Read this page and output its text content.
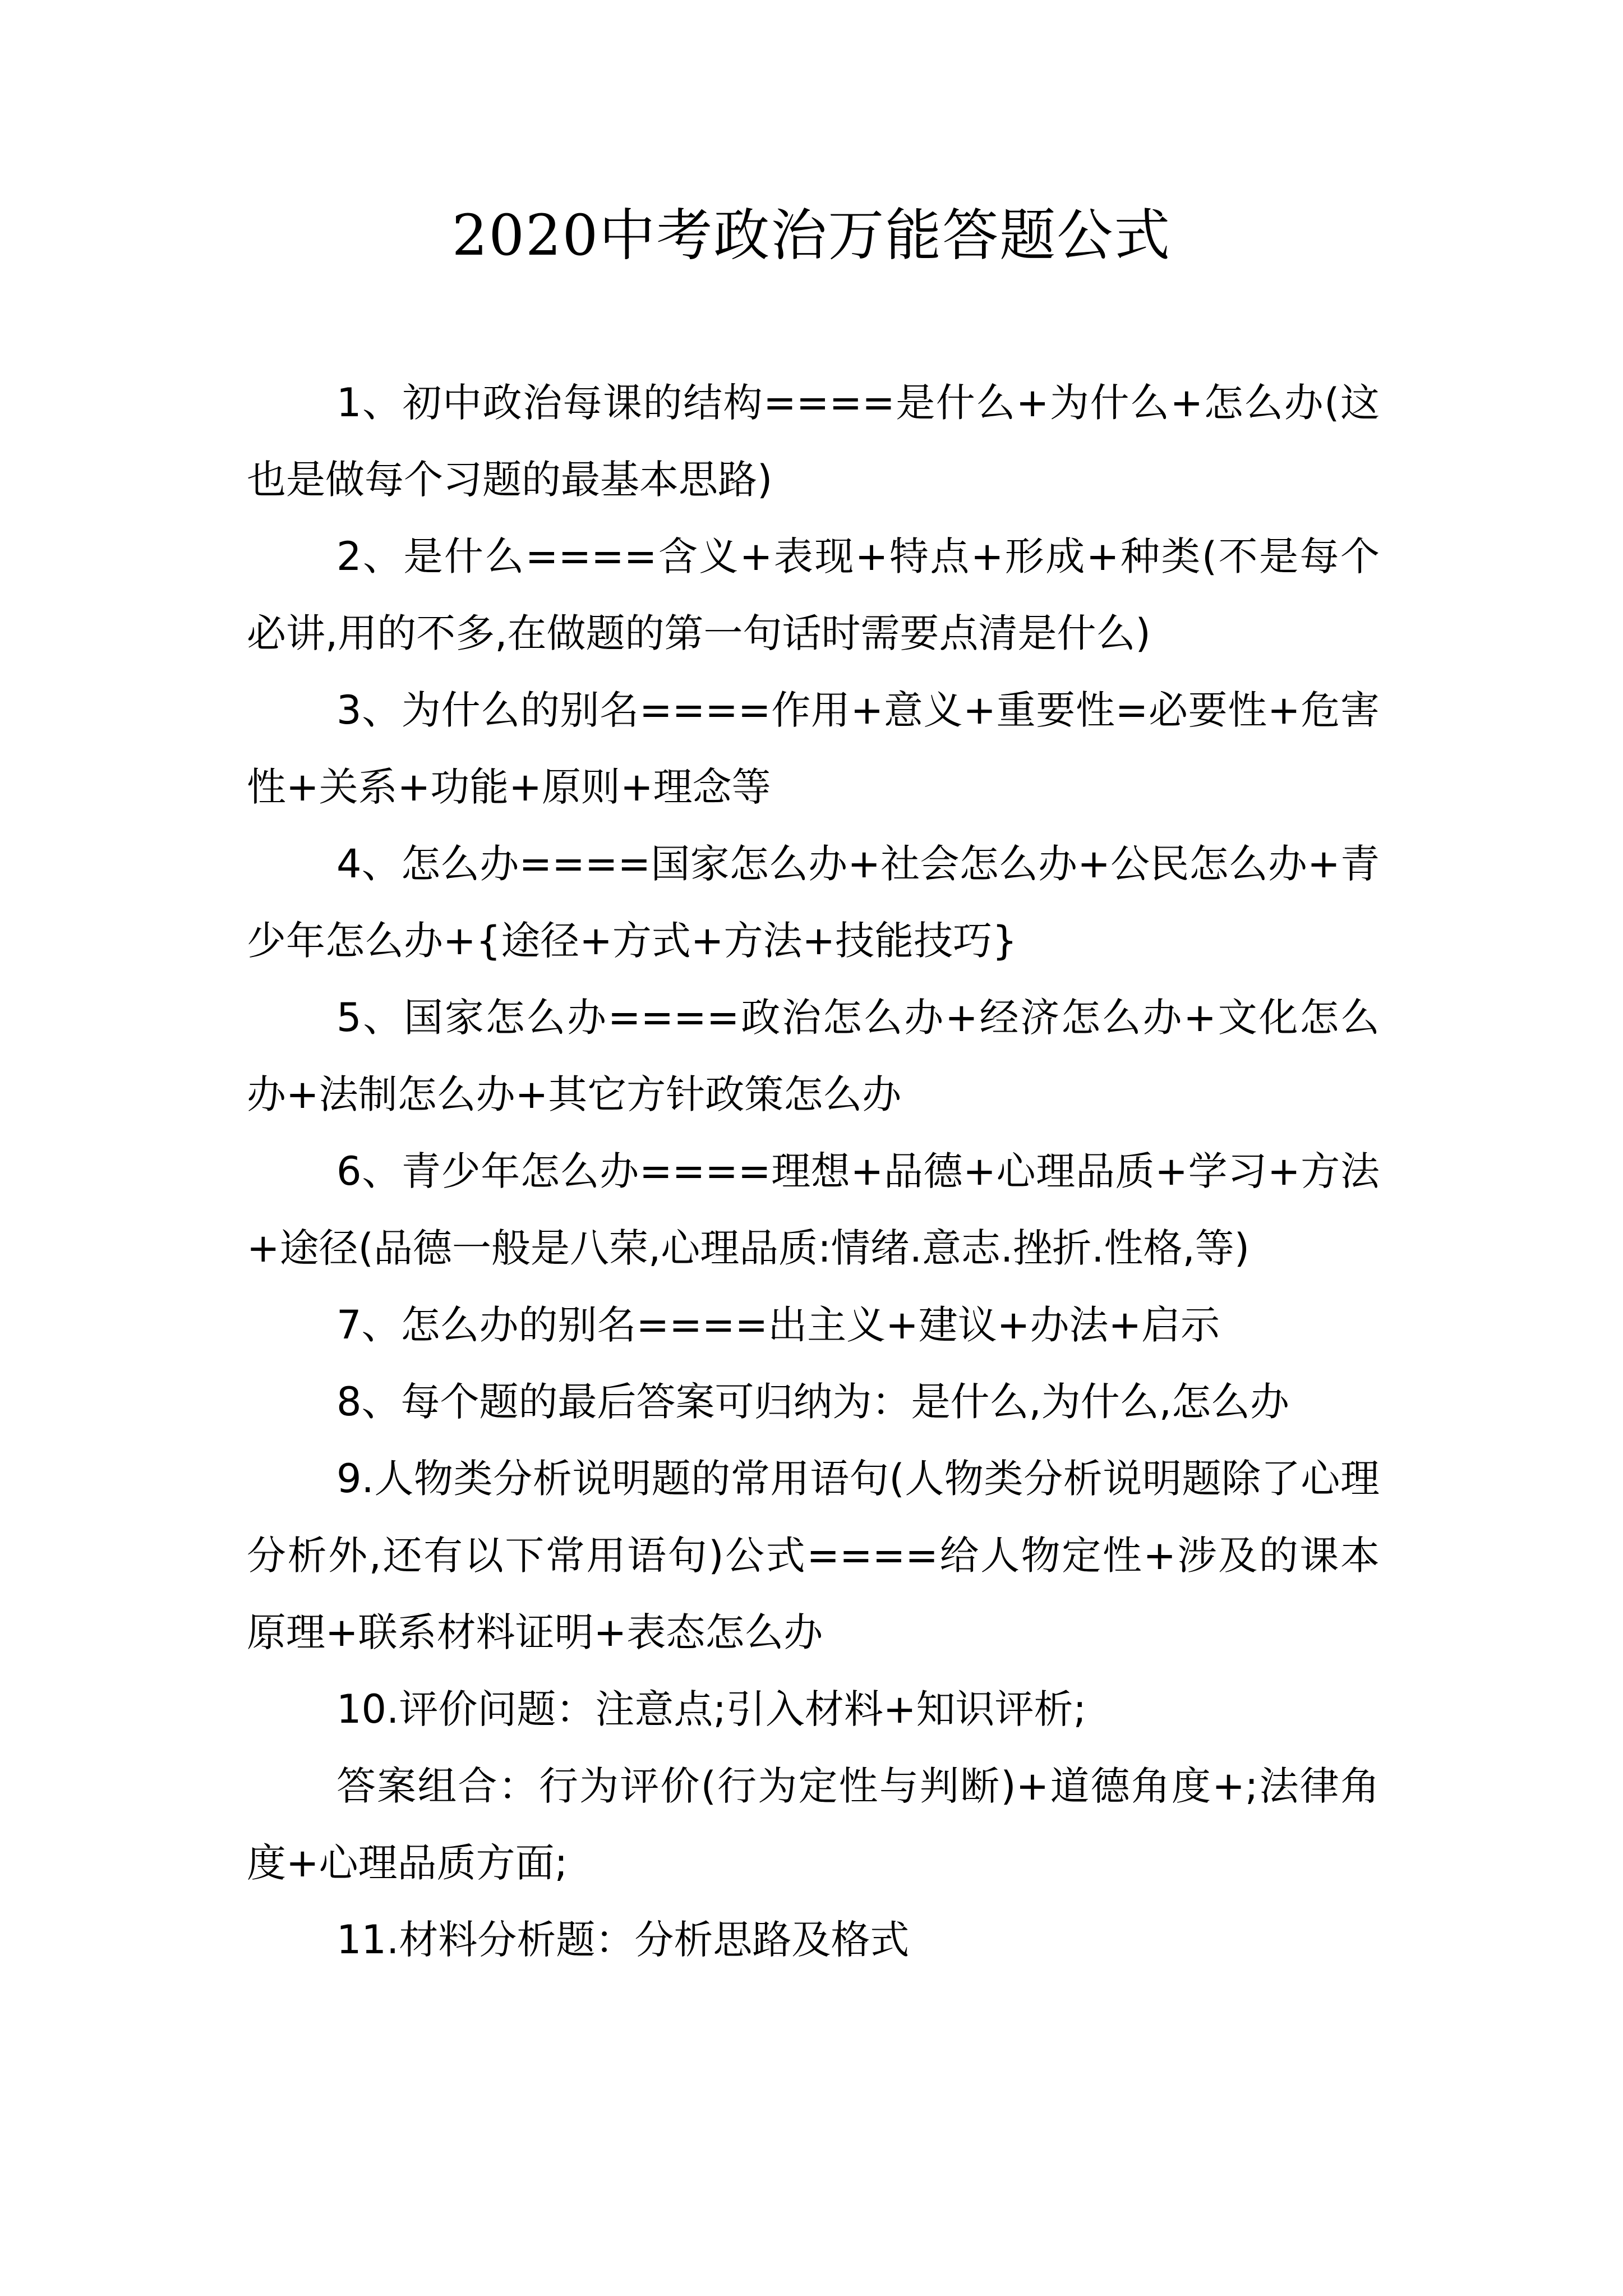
2020中考政治万能答题公式

1、初中政治每课的结构====是什么+为什么+怎么办(这也是做每个习题的最基本思路)

2、是什么====含义+表现+特点+形成+种类(不是每个必讲,用的不多,在做题的第一句话时需要点清是什么)

3、为什么的别名====作用+意义+重要性=必要性+危害性+关系+功能+原则+理念等

4、怎么办====国家怎么办+社会怎么办+公民怎么办+青少年怎么办+{途径+方式+方法+技能技巧}

5、国家怎么办====政治怎么办+经济怎么办+文化怎么办+法制怎么办+其它方针政策怎么办

6、青少年怎么办====理想+品德+心理品质+学习+方法+途径(品德一般是八荣,心理品质:情绪.意志.挫折.性格,等)

7、怎么办的别名====出主义+建议+办法+启示

8、每个题的最后答案可归纳为：是什么,为什么,怎么办

9.人物类分析说明题的常用语句(人物类分析说明题除了心理分析外,还有以下常用语句)公式====给人物定性+涉及的课本原理+联系材料证明+表态怎么办

10.评价问题：注意点;引入材料+知识评析;

答案组合：行为评价(行为定性与判断)+道德角度+;法律角度+心理品质方面;

11.材料分析题：分析思路及格式
